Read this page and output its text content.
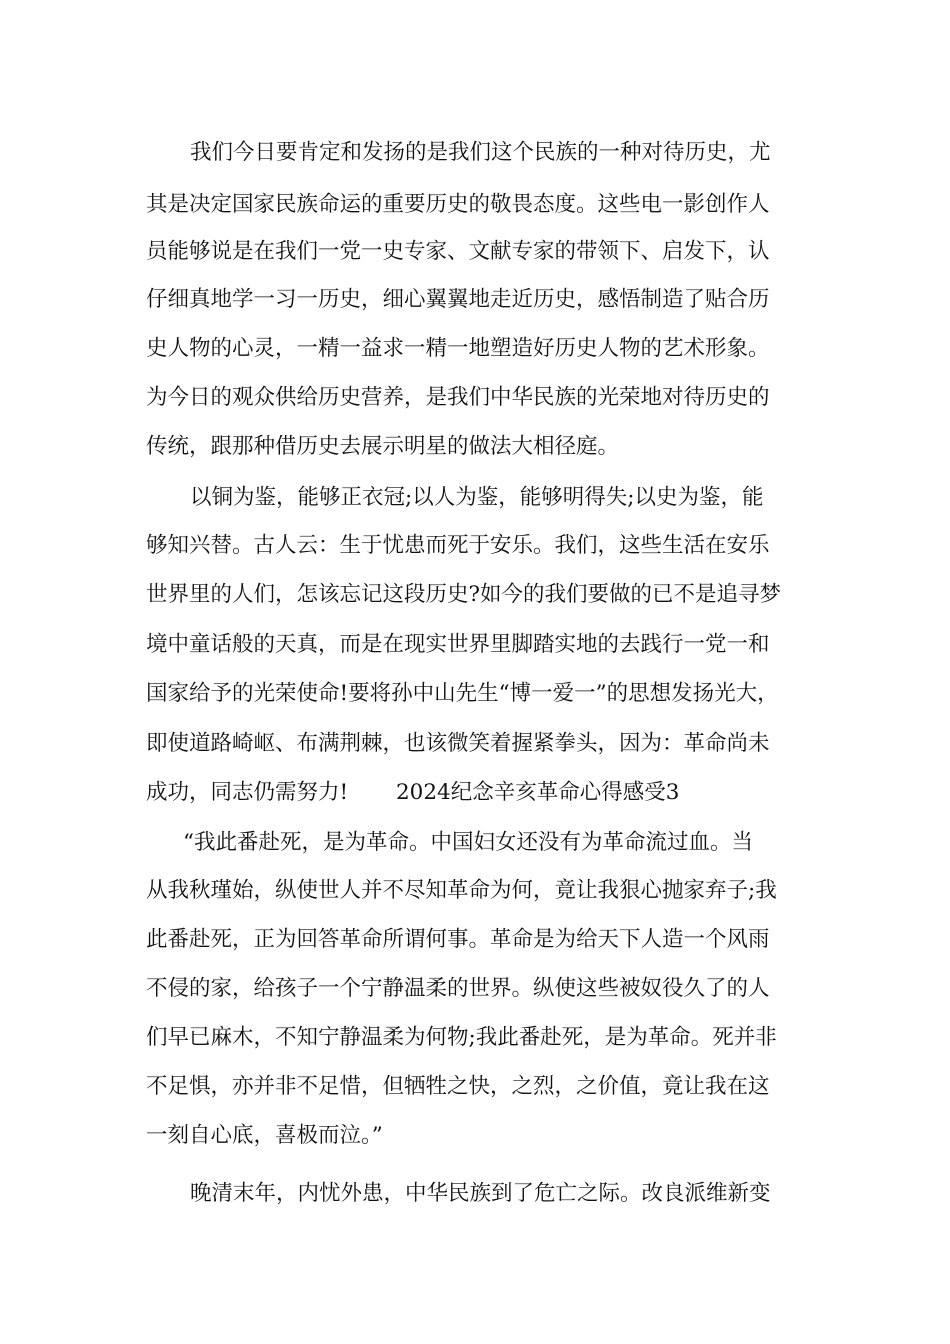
我们今日要肯定和发扬的是我们这个民族的一种对待历史，尤
其是决定国家民族命运的重要历史的敬畏态度。这些电一影创作人
员能够说是在我们一党一史专家、文献专家的带领下、启发下，认
仔细真地学一习一历史，细心翼翼地走近历史，感悟制造了贴合历
史人物的心灵，一精一益求一精一地塑造好历史人物的艺术形象。
为今日的观众供给历史营养，是我们中华民族的光荣地对待历史的
传统，跟那种借历史去展示明星的做法大相径庭。
以铜为鉴，能够正衣冠;以人为鉴，能够明得失;以史为鉴，能
够知兴替。古人云：生于忧患而死于安乐。我们，这些生活在安乐
世界里的人们，怎该忘记这段历史?如今的我们要做的已不是追寻梦
境中童话般的天真，而是在现实世界里脚踏实地的去践行一党一和
国家给予的光荣使命!要将孙中山先生“博一爱一”的思想发扬光大，
即使道路崎岖、布满荆棘，也该微笑着握紧拳头，因为：革命尚未
成功，同志仍需努力!       2024纪念辛亥革命心得感受3
“我此番赴死，是为革命。中国妇女还没有为革命流过血。当
从我秋瑾始，纵使世人并不尽知革命为何，竟让我狠心抛家弃子;我
此番赴死，正为回答革命所谓何事。革命是为给天下人造一个风雨
不侵的家，给孩子一个宁静温柔的世界。纵使这些被奴役久了的人
们早已麻木，不知宁静温柔为何物;我此番赴死，是为革命。死并非
不足惧，亦并非不足惜，但牺牲之快，之烈，之价值，竟让我在这
一刻自心底，喜极而泣。”
晚清末年，内忧外患，中华民族到了危亡之际。改良派维新变
